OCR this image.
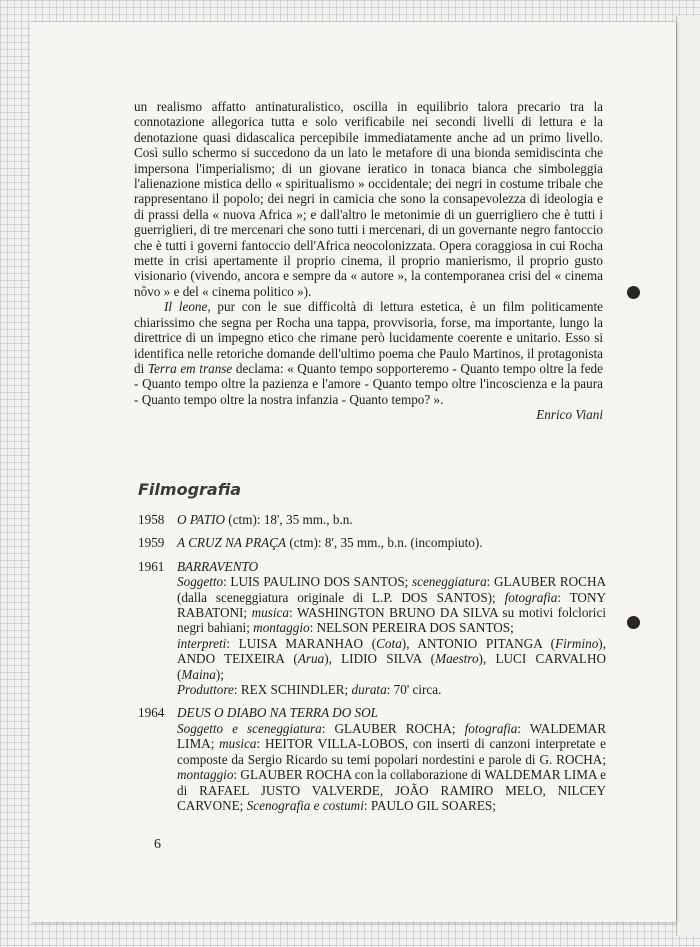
un realismo affatto antinaturalistico, oscilla in equilibrio talora precario tra la connotazione allegorica tutta e solo verificabile nei secondi livelli di lettura e la denotazione quasi didascalica percepibile immediatamente anche ad un primo livello. Così sullo schermo si succedono da un lato le metafore di una bionda semidiscinta che impersona l'imperialismo; di un giovane ieratico in tonaca bianca che simboleggia l'alienazione mistica dello « spiritualismo » occidentale; dei negri in costume tribale che rappresentano il popolo; dei negri in camicia che sono la consapevolezza di ideologia e di prassi della « nuova Africa »; e dall'altro le metonimie di un guerrigliero che è tutti i guerriglieri, di tre mercenari che sono tutti i mercenari, di un governante negro fantoccio che è tutti i governi fantoccio dell'Africa neocolonizzata. Opera coraggiosa in cui Rocha mette in crisi apertamente il proprio cinema, il proprio manierismo, il proprio gusto visionario (vivendo, ancora e sempre da « autore », la contemporanea crisi del « cinema nôvo » e del « cinema politico »).

Il leone, pur con le sue difficoltà di lettura estetica, è un film politicamente chiarissimo che segna per Rocha una tappa, provvisoria, forse, ma importante, lungo la direttrice di un impegno etico che rimane però lucidamente coerente e unitario. Esso si identifica nelle retoriche domande dell'ultimo poema che Paulo Martinos, il protagonista di Terra em transe declama: « Quanto tempo sopporteremo - Quanto tempo oltre la fede - Quanto tempo oltre la pazienza e l'amore - Quanto tempo oltre l'incoscienza e la paura - Quanto tempo oltre la nostra infanzia - Quanto tempo? ».

Enrico Viani

Filmografia
1958 O PATIO (ctm): 18', 35 mm., b.n.
1959 A CRUZ NA PRAÇA (ctm): 8', 35 mm., b.n. (incompiuto).
1961 BARRAVENTO
Soggetto: LUIS PAULINO DOS SANTOS; sceneggiatura: GLAUBER ROCHA (dalla sceneggiatura originale di L.P. DOS SANTOS); fotografia: TONY RABATONI; musica: WASHINGTON BRUNO DA SILVA su motivi folclorici negri bahiani; montaggio: NELSON PEREIRA DOS SANTOS;
interpreti: LUISA MARANHAO (Cota), ANTONIO PITANGA (Firmino), ANDO TEIXEIRA (Arua), LIDIO SILVA (Maestro), LUCI CARVALHO (Maina);
Produttore: REX SCHINDLER; durata: 70' circa.
1964 DEUS O DIABO NA TERRA DO SOL
Soggetto e sceneggiatura: GLAUBER ROCHA; fotografia: WALDEMAR LIMA; musica: HEITOR VILLA-LOBOS, con inserti di canzoni interpretate e composte da Sergio Ricardo su temi popolari nordestini e parole di G. ROCHA; montaggio: GLAUBER ROCHA con la collaborazione di WALDEMAR LIMA e di RAFAEL JUSTO VALVERDE, JOÃO RAMIRO MELO, NILCEY CARVONE; Scenografia e costumi: PAULO GIL SOARES;
6
